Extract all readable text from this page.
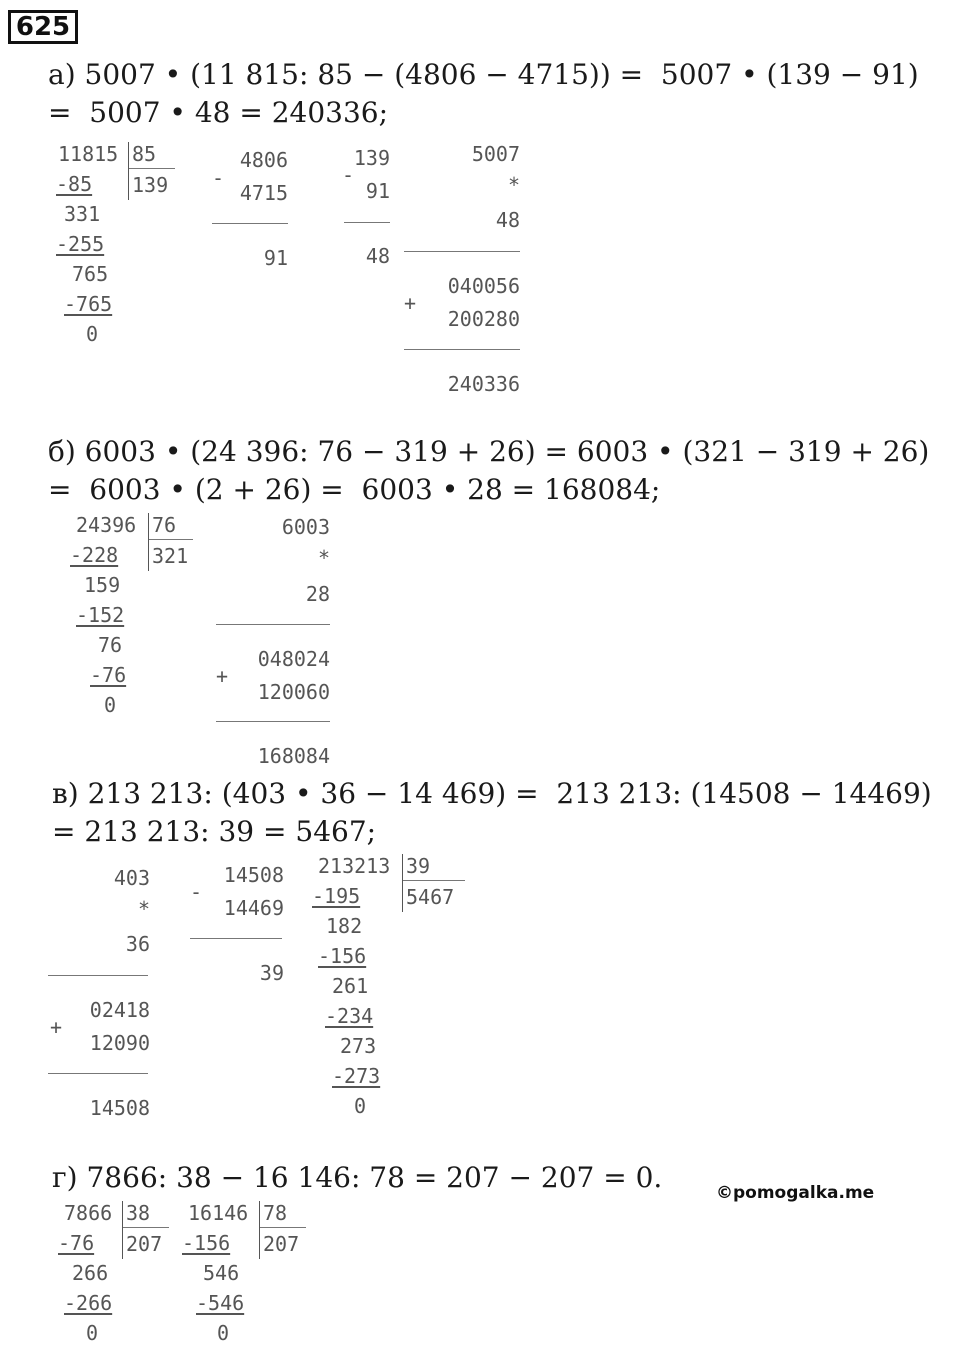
625
а) 5007 • (11 815: 85 − (4806 − 4715)) =  5007 • (139 − 91)
=  5007 • 48 = 240336;
11815 85
139
-85
331
-255
765
-765
0
-
4806
4715
91
-
139
91
48
5007
*
48
040056
+
200280
240336
б) 6003 • (24 396: 76 − 319 + 26) = 6003 • (321 − 319 + 26)
=  6003 • (2 + 26) =  6003 • 28 = 168084;
24396 76
321
-228
159
-152
76
-76
0
6003
*
28
048024
+
120060
168084
в) 213 213: (403 • 36 − 14 469) =  213 213: (14508 − 14469)
= 213 213: 39 = 5467;
403
*
36
02418
+
12090
14508
-
14508
14469
39
213213 39
5467
-195
182
-156
261
-234
273
-273
0
г) 7866: 38 − 16 146: 78 = 207 − 207 = 0.	©pomogalka.me
7866 38
207
-76
266
-266
0
16146 78
207
-156
546
-546
0
